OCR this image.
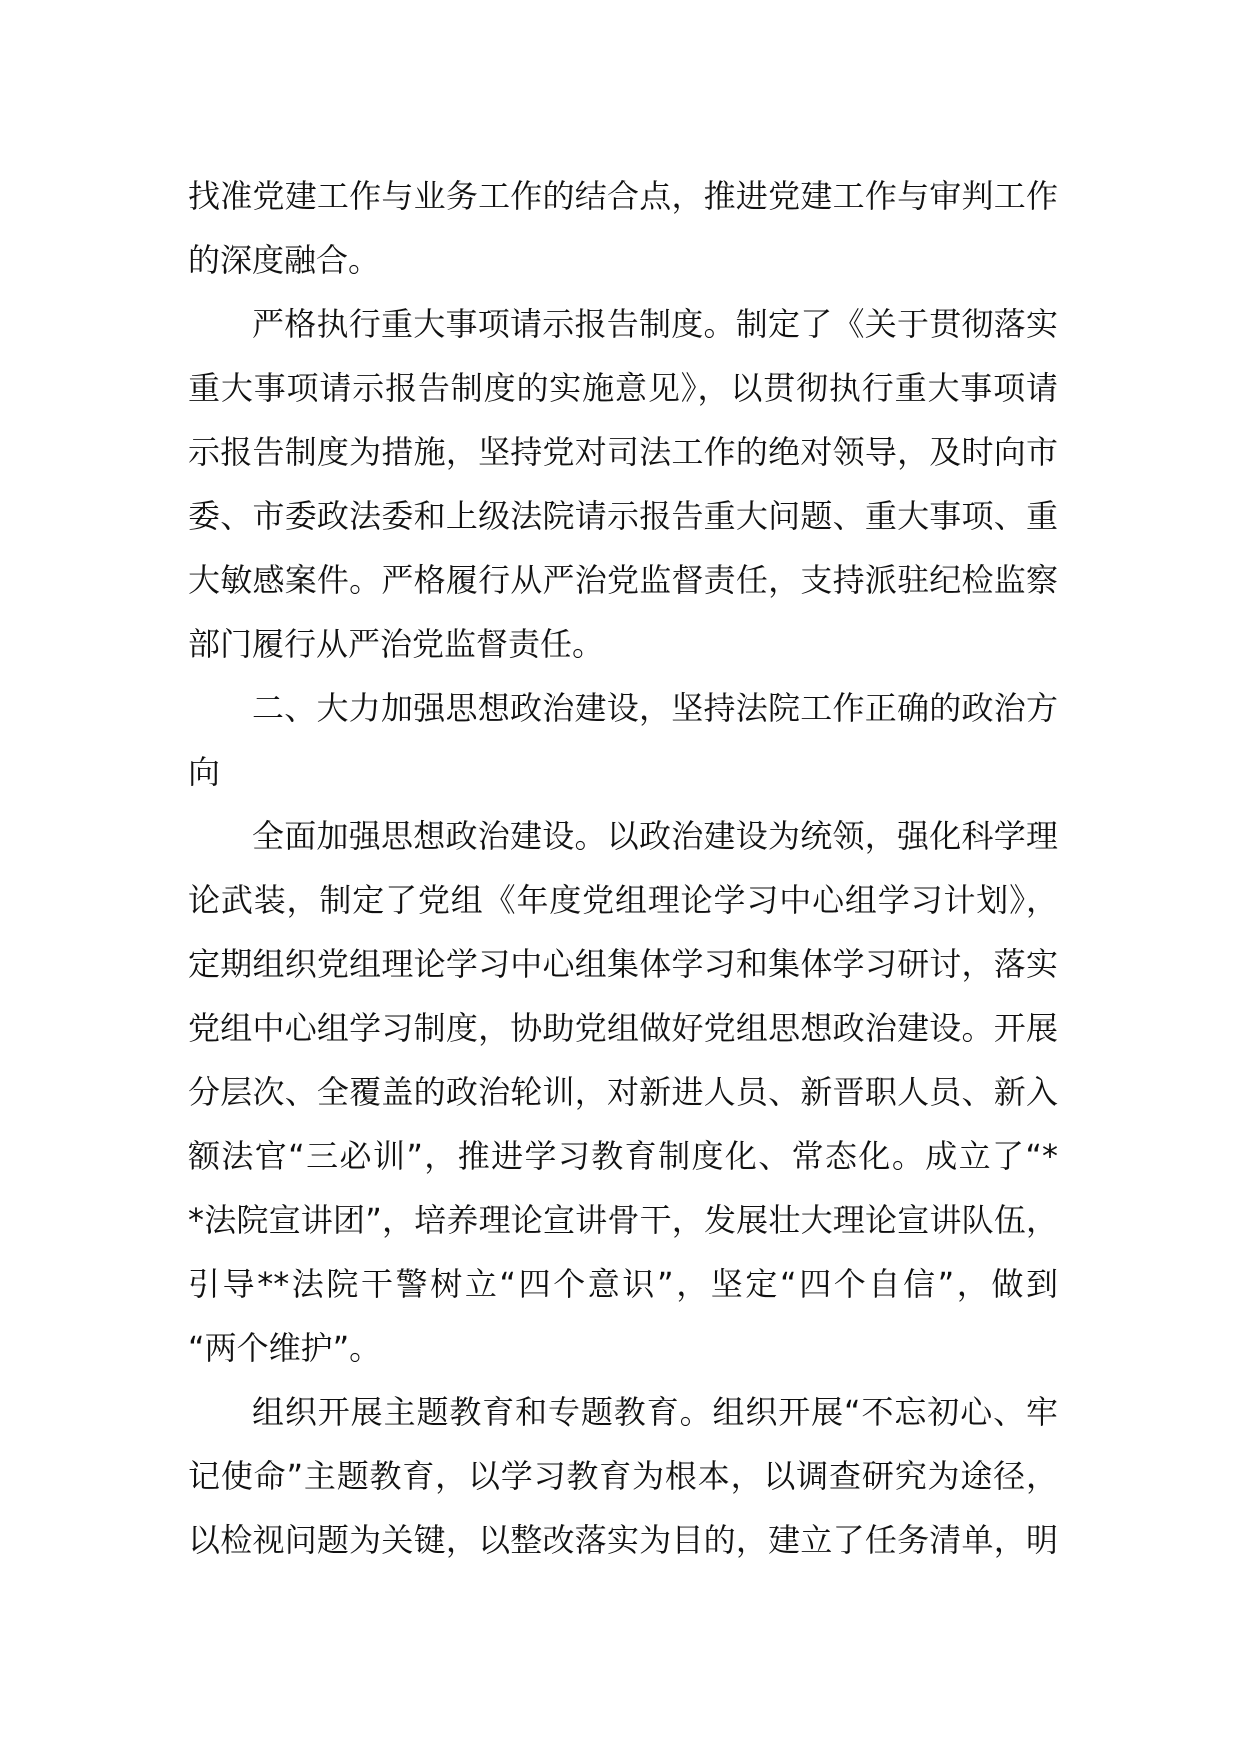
找准党建工作与业务工作的结合点，推进党建工作与审判工作
的深度融合。
严格执行重大事项请示报告制度。制定了《关于贯彻落实
重大事项请示报告制度的实施意见》，以贯彻执行重大事项请
示报告制度为措施，坚持党对司法工作的绝对领导，及时向市
委、市委政法委和上级法院请示报告重大问题、重大事项、重
大敏感案件。严格履行从严治党监督责任，支持派驻纪检监察
部门履行从严治党监督责任。
二、大力加强思想政治建设，坚持法院工作正确的政治方
向
全面加强思想政治建设。以政治建设为统领，强化科学理
论武装，制定了党组《年度党组理论学习中心组学习计划》，
定期组织党组理论学习中心组集体学习和集体学习研讨，落实
党组中心组学习制度，协助党组做好党组思想政治建设。开展
分层次、全覆盖的政治轮训，对新进人员、新晋职人员、新入
额法官“三必训”，推进学习教育制度化、常态化。成立了“*
*法院宣讲团”，培养理论宣讲骨干，发展壮大理论宣讲队伍，
引导**法院干警树立“四个意识”，坚定“四个自信”，做到
“两个维护”。
组织开展主题教育和专题教育。组织开展“不忘初心、牢
记使命”主题教育，以学习教育为根本，以调查研究为途径，
以检视问题为关键，以整改落实为目的，建立了任务清单，明
